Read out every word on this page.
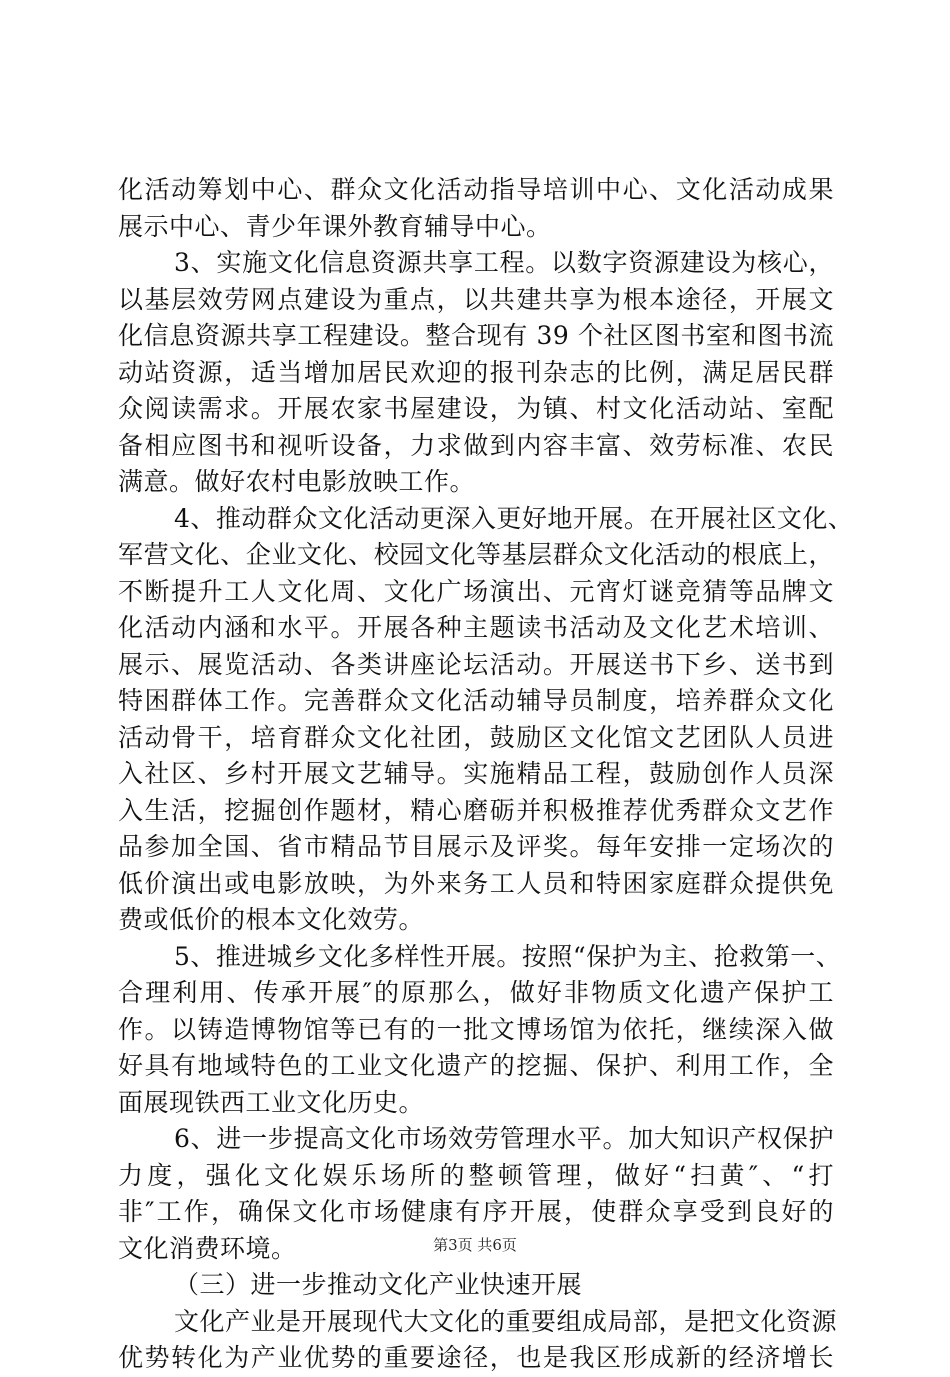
化活动筹划中心、群众文化活动指导培训中心、文化活动成果
展示中心、青少年课外教育辅导中心。
3、实施文化信息资源共享工程。以数字资源建设为核心，
以基层效劳网点建设为重点，以共建共享为根本途径，开展文
化信息资源共享工程建设。整合现有 39 个社区图书室和图书流
动站资源，适当增加居民欢迎的报刊杂志的比例，满足居民群
众阅读需求。开展农家书屋建设，为镇、村文化活动站、室配
备相应图书和视听设备，力求做到内容丰富、效劳标准、农民
满意。做好农村电影放映工作。
4、推动群众文化活动更深入更好地开展。在开展社区文化、
军营文化、企业文化、校园文化等基层群众文化活动的根底上，
不断提升工人文化周、文化广场演出、元宵灯谜竞猜等品牌文
化活动内涵和水平。开展各种主题读书活动及文化艺术培训、
展示、展览活动、各类讲座论坛活动。开展送书下乡、送书到
特困群体工作。完善群众文化活动辅导员制度，培养群众文化
活动骨干，培育群众文化社团，鼓励区文化馆文艺团队人员进
入社区、乡村开展文艺辅导。实施精品工程，鼓励创作人员深
入生活，挖掘创作题材，精心磨砺并积极推荐优秀群众文艺作
品参加全国、省市精品节目展示及评奖。每年安排一定场次的
低价演出或电影放映，为外来务工人员和特困家庭群众提供免
费或低价的根本文化效劳。
5、推进城乡文化多样性开展。按照“保护为主、抢救第一、
合理利用、传承开展″的原那么，做好非物质文化遗产保护工
作。以铸造博物馆等已有的一批文博场馆为依托，继续深入做
好具有地域特色的工业文化遗产的挖掘、保护、利用工作，全
面展现铁西工业文化历史。
6、进一步提高文化市场效劳管理水平。加大知识产权保护
力度，强化文化娱乐场所的整顿管理，做好“扫黄″、“打
非″工作，确保文化市场健康有序开展，使群众享受到良好的
文化消费环境。
（三）进一步推动文化产业快速开展
文化产业是开展现代大文化的重要组成局部，是把文化资源
优势转化为产业优势的重要途径，也是我区形成新的经济增长
第3页 共6页
